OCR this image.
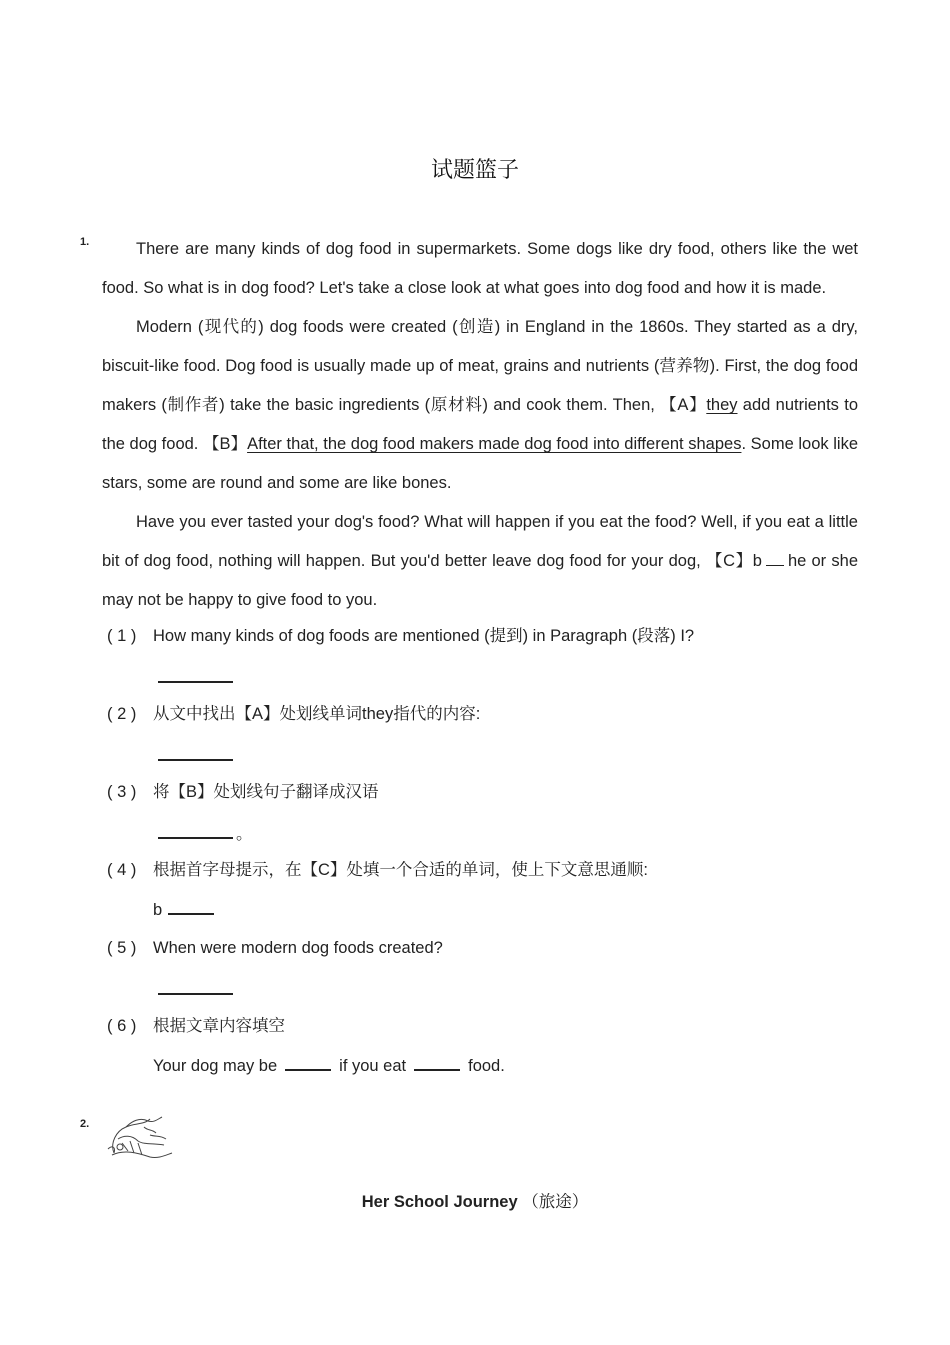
试题篮子
1.	There are many kinds of dog food in supermarkets. Some dogs like dry food, others like the wet food. So what is in dog food? Let's take a close look at what goes into dog food and how it is made.

Modern (现代的) dog foods were created (创造) in England in the 1860s. They started as a dry, biscuit-like food. Dog food is usually made up of meat, grains and nutrients (营养物). First, the dog food makers (制作者) take the basic ingredients (原材料) and cook them. Then, 【A】they add nutrients to the dog food. 【B】After that, the dog food makers made dog food into different shapes. Some look like stars, some are round and some are like bones.

Have you ever tasted your dog's food? What will happen if you eat the food? Well, if you eat a little bit of dog food, nothing will happen. But you'd better leave dog food for your dog, 【C】b he or she may not be happy to give food to you.

( 1 ) How many kinds of dog foods are mentioned (提到) in Paragraph (段落) I?
( 2 ) 从文中找出【A】处划线单词they指代的内容:
( 3 ) 将【B】处划线句子翻译成汉语
。
( 4 ) 根据首字母提示，在【C】处填一个合适的单词，使上下文意思通顺:
b
( 5 ) When were modern dog foods created?
( 6 ) 根据文章内容填空
Your dog may be	if you eat	food.
2.
Her School Journey （旅途）
